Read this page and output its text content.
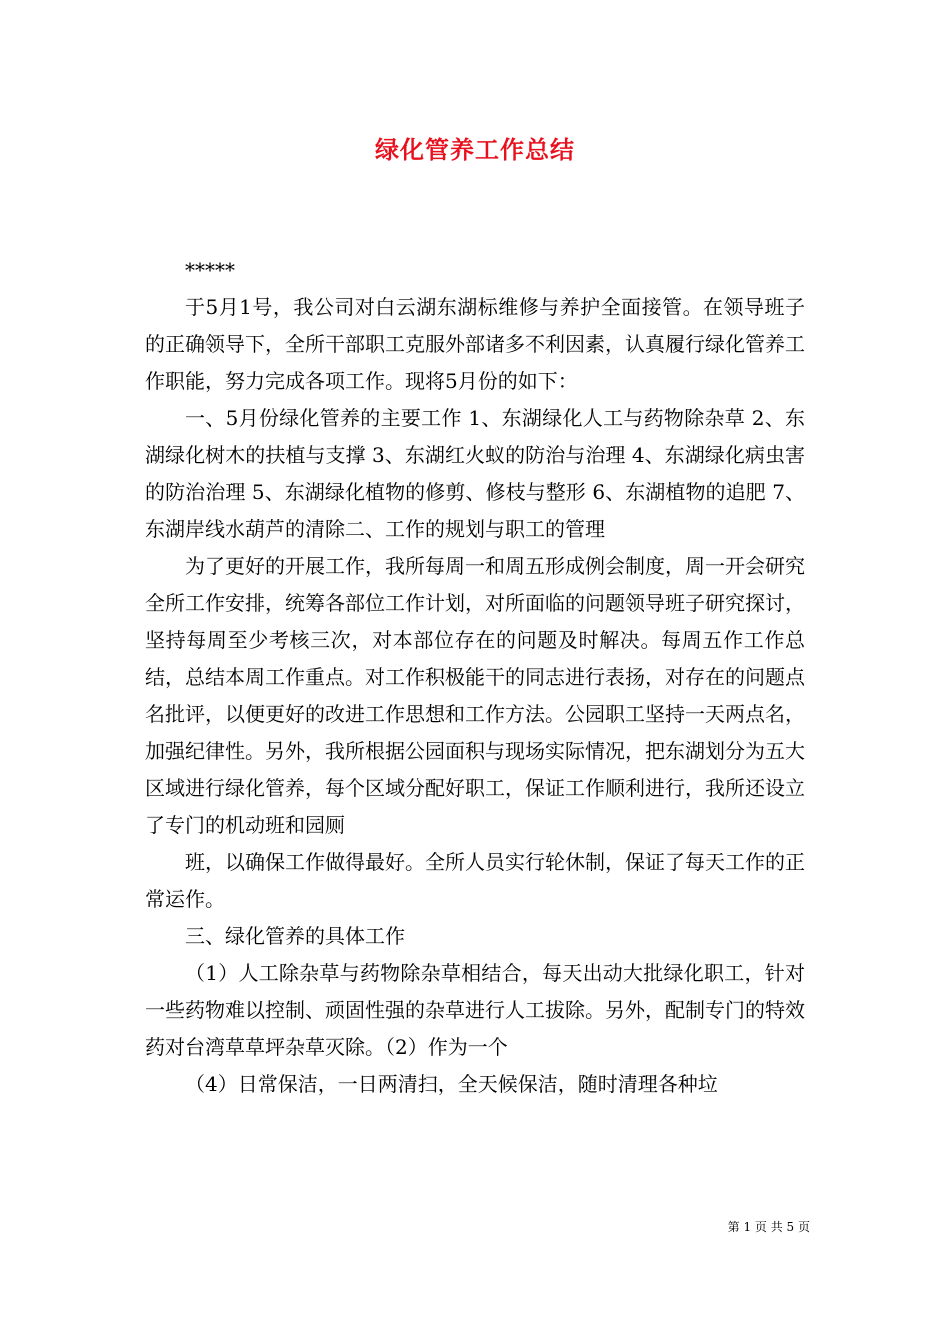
绿化管养工作总结

*****

于5月1号，我公司对白云湖东湖标维修与养护全面接管。在领导班子的正确领导下，全所干部职工克服外部诸多不利因素，认真履行绿化管养工作职能，努力完成各项工作。现将5月份的如下：

一、5月份绿化管养的主要工作 1、东湖绿化人工与药物除杂草 2、东湖绿化树木的扶植与支撑 3、东湖红火蚁的防治与治理 4、东湖绿化病虫害的防治治理 5、东湖绿化植物的修剪、修枝与整形 6、东湖植物的追肥 7、东湖岸线水葫芦的清除二、工作的规划与职工的管理

为了更好的开展工作，我所每周一和周五形成例会制度，周一开会研究全所工作安排，统筹各部位工作计划，对所面临的问题领导班子研究探讨，坚持每周至少考核三次，对本部位存在的问题及时解决。每周五作工作总结，总结本周工作重点。对工作积极能干的同志进行表扬，对存在的问题点名批评，以便更好的改进工作思想和工作方法。公园职工坚持一天两点名，加强纪律性。另外，我所根据公园面积与现场实际情况，把东湖划分为五大区域进行绿化管养，每个区域分配好职工，保证工作顺利进行，我所还设立了专门的机动班和园厕

班，以确保工作做得最好。全所人员实行轮休制，保证了每天工作的正常运作。

三、绿化管养的具体工作

（1）人工除杂草与药物除杂草相结合，每天出动大批绿化职工，针对一些药物难以控制、顽固性强的杂草进行人工拔除。另外，配制专门的特效药对台湾草草坪杂草灭除。（2）作为一个

（4）日常保洁，一日两清扫，全天候保洁，随时清理各种垃

第 1 页 共 5 页
